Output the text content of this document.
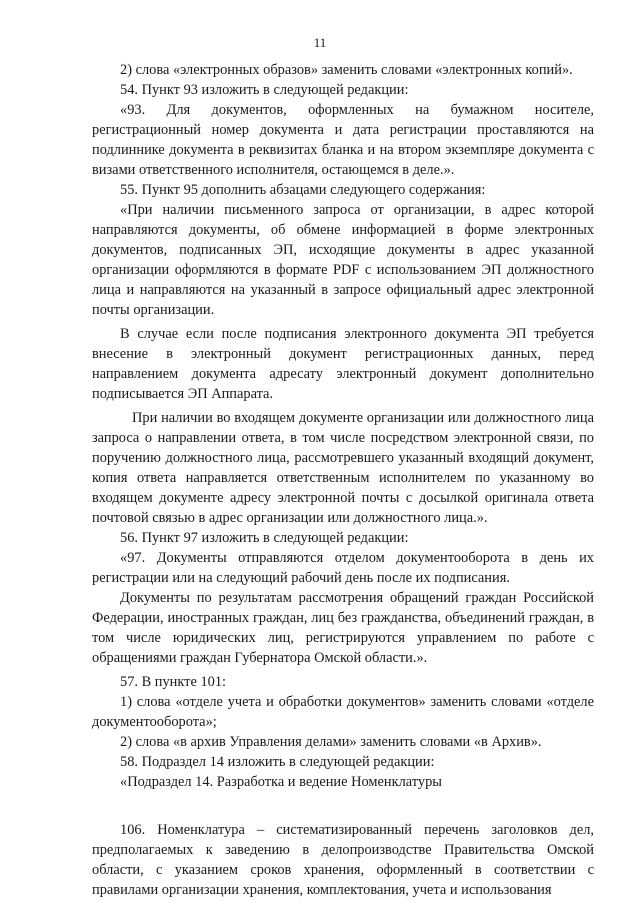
11

2) слова «электронных образов» заменить словами «электронных копий».

54. Пункт 93 изложить в следующей редакции:

«93. Для документов, оформленных на бумажном носителе, регистрационный номер документа и дата регистрации проставляются на подлиннике документа в реквизитах бланка и на втором экземпляре документа с визами ответственного исполнителя, остающемся в деле.».

55. Пункт 95 дополнить абзацами следующего содержания:

«При наличии письменного запроса от организации, в адрес которой направляются документы, об обмене информацией в форме электронных документов, подписанных ЭП, исходящие документы в адрес указанной организации оформляются в формате PDF с использованием ЭП должностного лица и направляются на указанный в запросе официальный адрес электронной почты организации.

В случае если после подписания электронного документа ЭП требуется внесение в электронный документ регистрационных данных, перед направлением документа адресату электронный документ дополнительно подписывается ЭП Аппарата.

При наличии во входящем документе организации или должностного лица запроса о направлении ответа, в том числе посредством электронной связи, по поручению должностного лица, рассмотревшего указанный входящий документ, копия ответа направляется ответственным исполнителем по указанному во входящем документе адресу электронной почты с досылкой оригинала ответа почтовой связью в адрес организации или должностного лица.».

56. Пункт 97 изложить в следующей редакции:

«97. Документы отправляются отделом документооборота в день их регистрации или на следующий рабочий день после их подписания.

Документы по результатам рассмотрения обращений граждан Российской Федерации, иностранных граждан, лиц без гражданства, объединений граждан, в том числе юридических лиц, регистрируются управлением по работе с обращениями граждан Губернатора Омской области.».

57. В пункте 101:

1) слова «отделе учета и обработки документов» заменить словами «отделе документооборота»;

2) слова «в архив Управления делами» заменить словами «в Архив».

58. Подраздел 14 изложить в следующей редакции:

«Подраздел 14. Разработка и ведение Номенклатуры

106. Номенклатура – систематизированный перечень заголовков дел, предполагаемых к заведению в делопроизводстве Правительства Омской области, с указанием сроков хранения, оформленный в соответствии с правилами организации хранения, комплектования, учета и использования
